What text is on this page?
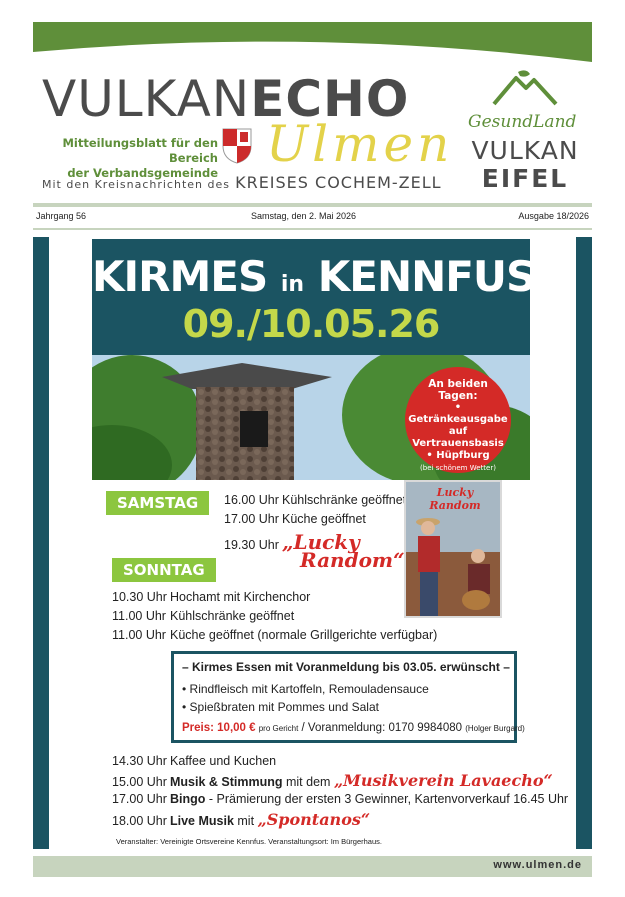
VULKANECHO
Mitteilungsblatt für den Bereich
der Verbandsgemeinde Ulmen
Mit den Kreisnachrichten des KREISES COCHEM-ZELL
GesundLand
VULKAN
EIFEL
Jahrgang 56	Samstag, den 2. Mai 2026	Ausgabe 18/2026
KIRMES in KENNFUS
09./10.05.26
An beiden
Tagen:
• Getränkeausgabe
auf Vertrauensbasis
• Hüpfburg
(bei schönem Wetter)
SAMSTAG	16.00 Uhr Kühlschränke geöffnet
17.00 Uhr Küche geöffnet
19.30 Uhr „Lucky
Random“
Lucky
Random
SONNTAG
10.30 Uhr Hochamt mit Kirchenchor
11.00 Uhr Kühlschränke geöffnet
11.00 Uhr Küche geöffnet (normale Grillgerichte verfügbar)
– Kirmes Essen mit Voranmeldung bis 03.05. erwünscht –
• Rindfleisch mit Kartoffeln, Remouladensauce
• Spießbraten mit Pommes und Salat
Preis: 10,00 € pro Gericht / Voranmeldung: 0170 9984080 (Holger Burgard)
14.30 Uhr Kaffee und Kuchen
15.00 Uhr Musik & Stimmung mit dem „Musikverein Lavaecho“
17.00 Uhr Bingo - Prämierung der ersten 3 Gewinner, Kartenvorverkauf 16.45 Uhr
18.00 Uhr Live Musik mit „Spontanos“
Veranstalter: Vereinigte Ortsvereine Kennfus. Veranstaltungsort: Im Bürgerhaus.
www.ulmen.de
